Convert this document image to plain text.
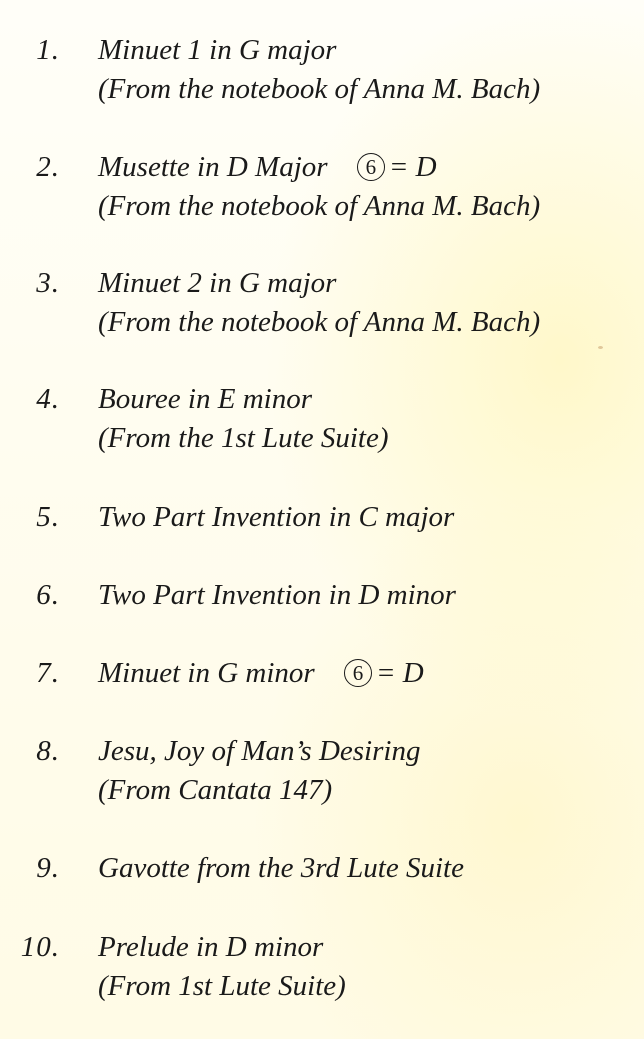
1. Minuet 1 in G major
(From the notebook of Anna M. Bach)
2. Musette in D Major 6 = D
(From the notebook of Anna M. Bach)
3. Minuet 2 in G major
(From the notebook of Anna M. Bach)
4. Bouree in E minor
(From the 1st Lute Suite)
5. Two Part Invention in C major
6. Two Part Invention in D minor
7. Minuet in G minor 6 = D
8. Jesu, Joy of Man’s Desiring
(From Cantata 147)
9. Gavotte from the 3rd Lute Suite
10. Prelude in D minor
(From 1st Lute Suite)
